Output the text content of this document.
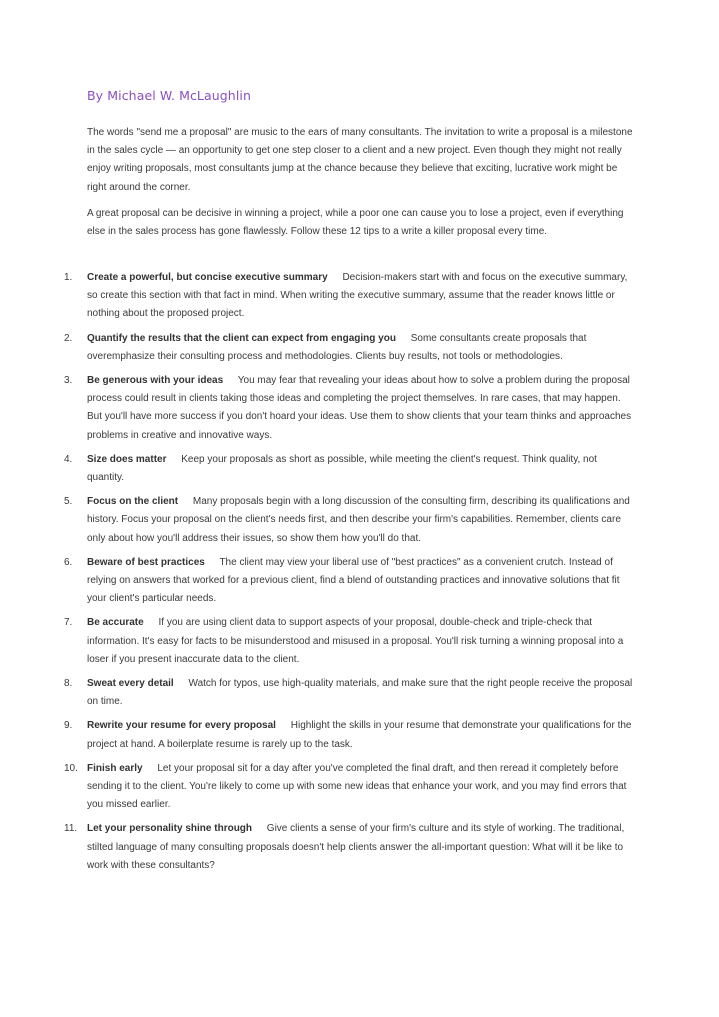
By Michael W. McLaughlin

The words "send me a proposal" are music to the ears of many consultants. The invitation to write a proposal is a milestone in the sales cycle — an opportunity to get one step closer to a client and a new project. Even though they might not really enjoy writing proposals, most consultants jump at the chance because they believe that exciting, lucrative work might be right around the corner.

A great proposal can be decisive in winning a project, while a poor one can cause you to lose a project, even if everything else in the sales process has gone flawlessly. Follow these 12 tips to a write a killer proposal every time.

1. Create a powerful, but concise executive summary Decision-makers start with and focus on the executive summary, so create this section with that fact in mind. When writing the executive summary, assume that the reader knows little or nothing about the proposed project.
2. Quantify the results that the client can expect from engaging you Some consultants create proposals that overemphasize their consulting process and methodologies. Clients buy results, not tools or methodologies.
3. Be generous with your ideas You may fear that revealing your ideas about how to solve a problem during the proposal process could result in clients taking those ideas and completing the project themselves. In rare cases, that may happen. But you'll have more success if you don't hoard your ideas. Use them to show clients that your team thinks and approaches problems in creative and innovative ways.
4. Size does matter Keep your proposals as short as possible, while meeting the client's request. Think quality, not quantity.
5. Focus on the client Many proposals begin with a long discussion of the consulting firm, describing its qualifications and history. Focus your proposal on the client's needs first, and then describe your firm's capabilities. Remember, clients care only about how you'll address their issues, so show them how you'll do that.
6. Beware of best practices The client may view your liberal use of "best practices" as a convenient crutch. Instead of relying on answers that worked for a previous client, find a blend of outstanding practices and innovative solutions that fit your client's particular needs.
7. Be accurate If you are using client data to support aspects of your proposal, double-check and triple-check that information. It's easy for facts to be misunderstood and misused in a proposal. You'll risk turning a winning proposal into a loser if you present inaccurate data to the client.
8. Sweat every detail Watch for typos, use high-quality materials, and make sure that the right people receive the proposal on time.
9. Rewrite your resume for every proposal Highlight the skills in your resume that demonstrate your qualifications for the project at hand. A boilerplate resume is rarely up to the task.
10. Finish early Let your proposal sit for a day after you've completed the final draft, and then reread it completely before sending it to the client. You're likely to come up with some new ideas that enhance your work, and you may find errors that you missed earlier.
11. Let your personality shine through Give clients a sense of your firm's culture and its style of working. The traditional, stilted language of many consulting proposals doesn't help clients answer the all-important question: What will it be like to work with these consultants?
